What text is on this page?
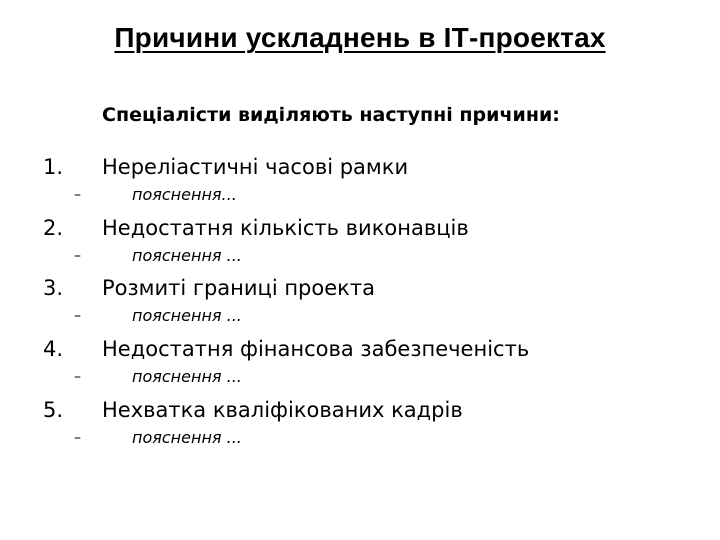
Причини ускладнень в ІТ-проектах
Спеціалісти виділяють наступні причини:
1. Нереліастичні часові рамки
–	пояснення...
2. Недостатня кількість виконавців
–	пояснення ...
3. Розмиті границі проекта
–	пояснення ...
4. Недостатня фінансова забезпеченість
–	пояснення ...
5. Нехватка кваліфікованих кадрів
–	пояснення ...
